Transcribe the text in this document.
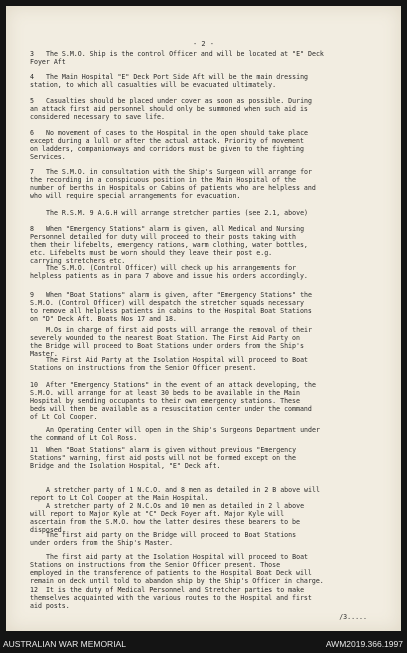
- 2 -
3	The S.M.O. Ship is the control Officer and will be located at "E" Deck
Foyer Aft
4	The Main Hospital "E" Deck Port Side Aft will be the main dressing
station, to which all casualties will be evacuated ultimately.
5	Casualties should be placed under cover as soon as possible. During
an attack first aid personnel should only be summoned when such aid is
considered necessary to save life.
6	No movement of cases to the Hospital in the open should take place
except during a lull or after the actual attack. Priority of movement
on ladders, companionways and corridors must be given to the fighting
Services.
7	The S.M.O. in consultation with the Ship's Surgeon will arrange for
the recording in a conspicuous position in the Main Hospital of the
number of berths in Hospitals or Cabins of patients who are helpless and
who will require special arrangements for evacuation.
The R.S.M. 9 A.G.H will arrange stretcher parties (see 2.1, above)
8	When "Emergency Stations" alarm is given, all Medical and Nursing
Personnel detailed for duty will proceed to their posts taking with
them their lifebelts, emergency rations, warm clothing, water bottles,
etc. Lifebelts must be worn should they leave their post e.g.
carrying stretchers etc.
The S.M.O. (Control Officer) will check up his arrangements for
helpless patients as in para 7 above and issue his orders accordingly.
9	When "Boat Stations" alarm is given, after "Emergency Stations" the
S.M.O. (Control Officer) will despatch the stretcher squads necessary
to remove all helpless patients in cabins to the Hospital Boat Stations
on "D" Deck Aft. Boats Nos 17 and 18.
M.Os in charge of first aid posts will arrange the removal of their
severely wounded to the nearest Boat Station. The First Aid Party on
the Bridge will proceed to Boat Stations under orders from the Ship's
Master.
The First Aid Party at the Isolation Hospital will proceed to Boat
Stations on instructions from the Senior Officer present.
10	After "Emergency Stations" in the event of an attack developing, the
S.M.O. will arrange for at least 30 beds to be available in the Main
Hospital by sending occupants to their own emergency stations. These
beds will then be available as a resuscitation center under the command
of Lt Col Cooper.
An Operating Center will open in the Ship's Surgeons Department under
the command of Lt Col Ross.
11	When "Boat Stations" alarm is given without previous "Emergency
Stations" warning, first aid posts will not be formed except on the
Bridge and the Isolation Hospital, "E" Deck aft.
A stretcher party of 1 N.C.O. and 8 men as detailed in 2 B above will
report to Lt Col Cooper at the Main Hospital.
A stretcher party of 2 N.C.Os and 10 men as detailed in 2 l above
will report to Major Kyle at "C" Deck Foyer aft. Major Kyle will
ascertain from the S.M.O. how the latter desires these bearers to be
disposed.
The first aid party on the Bridge will proceed to Boat Stations
under orders from the Ship's Master.
The first aid party at the Isolation Hospital will proceed to Boat
Stations on instructions from the Senior Officer present. Those
employed in the transference of patients to the Hospital Boat Deck will
remain on deck until told to abandon ship by the Ship's Officer in charge.
12	It is the duty of Medical Personnel and Stretcher parties to make
themselves acquainted with the various routes to the Hospital and first
aid posts.
/3.....
AUSTRALIAN WAR MEMORIAL	AWM2019.366.1997
